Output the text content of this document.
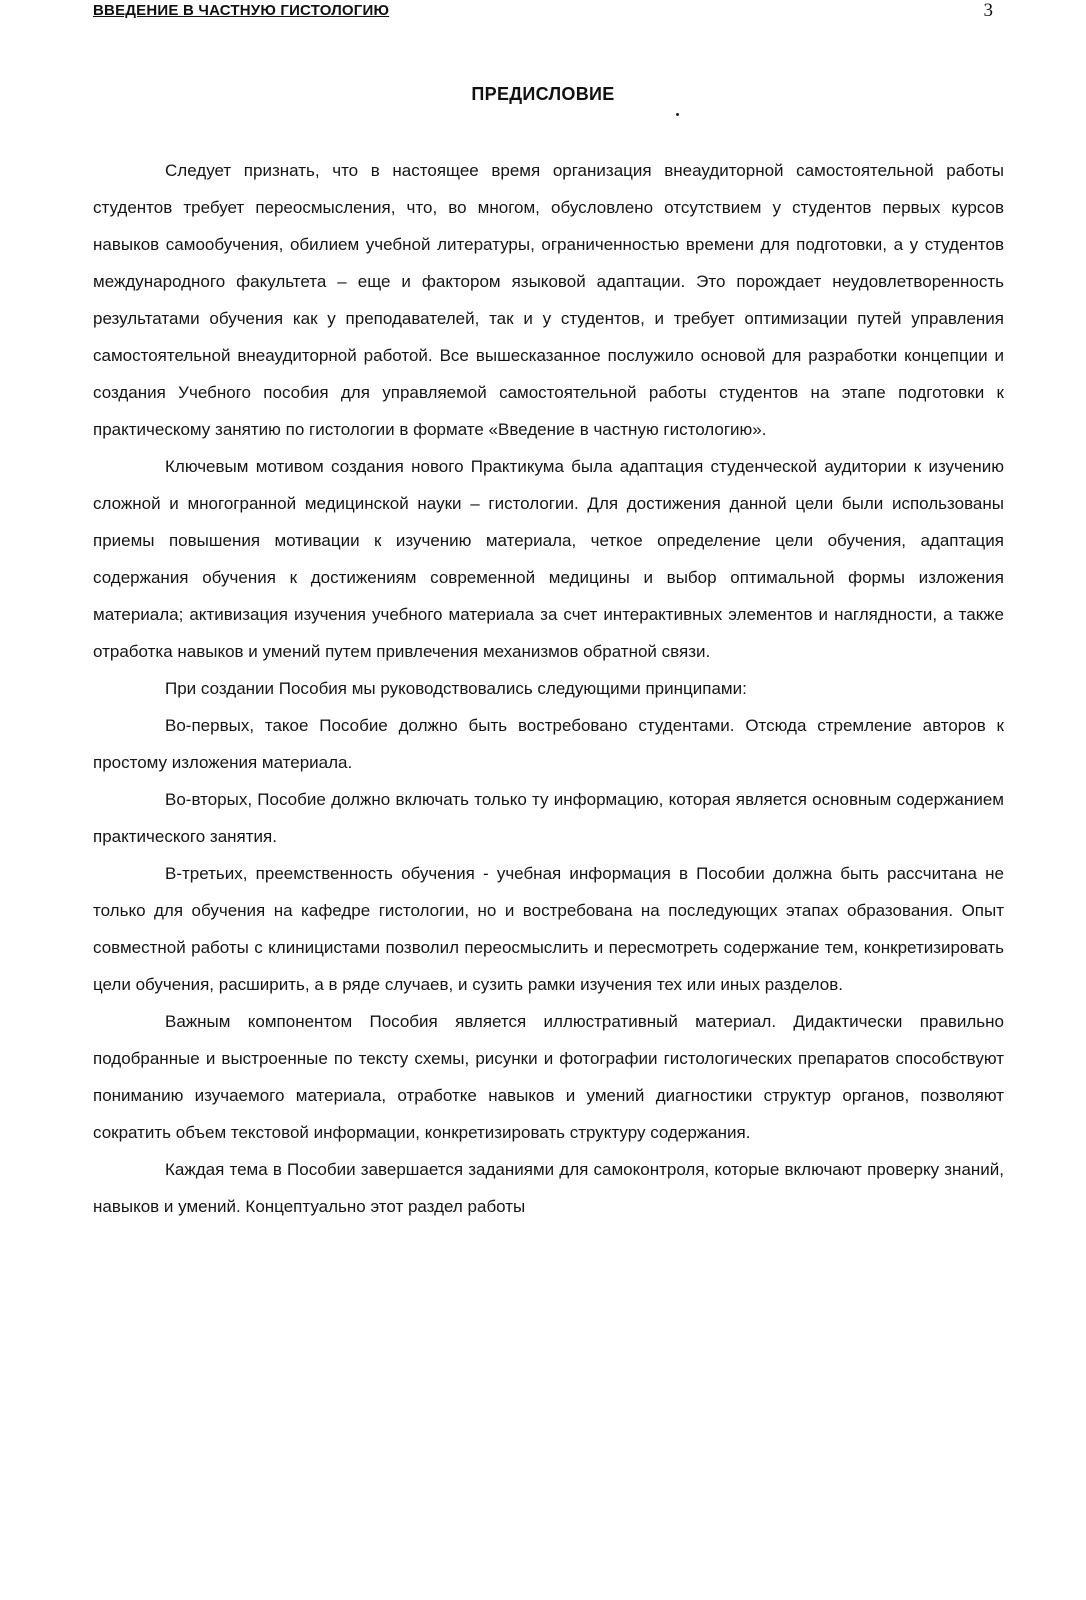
ВВЕДЕНИЕ В ЧАСТНУЮ ГИСТОЛОГИЮ	3
ПРЕДИСЛОВИЕ

Следует признать, что в настоящее время организация внеаудиторной самостоятельной работы студентов требует переосмысления, что, во многом, обусловлено отсутствием у студентов первых курсов навыков самообучения, обилием учебной литературы, ограниченностью времени для подготовки, а у студентов международного факультета – еще и фактором языковой адаптации. Это порождает неудовлетворенность результатами обучения как у преподавателей, так и у студентов, и требует оптимизации путей управления самостоятельной внеаудиторной работой. Все вышесказанное послужило основой для разработки концепции и создания Учебного пособия для управляемой самостоятельной работы студентов на этапе подготовки к практическому занятию по гистологии в формате «Введение в частную гистологию».

Ключевым мотивом создания нового Практикума была адаптация студенческой аудитории к изучению сложной и многогранной медицинской науки – гистологии. Для достижения данной цели были использованы приемы повышения мотивации к изучению материала, четкое определение цели обучения, адаптация содержания обучения к достижениям современной медицины и выбор оптимальной формы изложения материала; активизация изучения учебного материала за счет интерактивных элементов и наглядности, а также отработка навыков и умений путем привлечения механизмов обратной связи.

При создании Пособия мы руководствовались следующими принципами:

Во-первых, такое Пособие должно быть востребовано студентами. Отсюда стремление авторов к простому изложения материала.

Во-вторых, Пособие должно включать только ту информацию, которая является основным содержанием практического занятия.

В-третьих, преемственность обучения - учебная информация в Пособии должна быть рассчитана не только для обучения на кафедре гистологии, но и востребована на последующих этапах образования. Опыт совместной работы с клиницистами позволил переосмыслить и пересмотреть содержание тем, конкретизировать цели обучения, расширить, а в ряде случаев, и сузить рамки изучения тех или иных разделов.

Важным компонентом Пособия является иллюстративный материал. Дидактически правильно подобранные и выстроенные по тексту схемы, рисунки и фотографии гистологических препаратов способствуют пониманию изучаемого материала, отработке навыков и умений диагностики структур органов, позволяют сократить объем текстовой информации, конкретизировать структуру содержания.

Каждая тема в Пособии завершается заданиями для самоконтроля, которые включают проверку знаний, навыков и умений. Концептуально этот раздел работы
